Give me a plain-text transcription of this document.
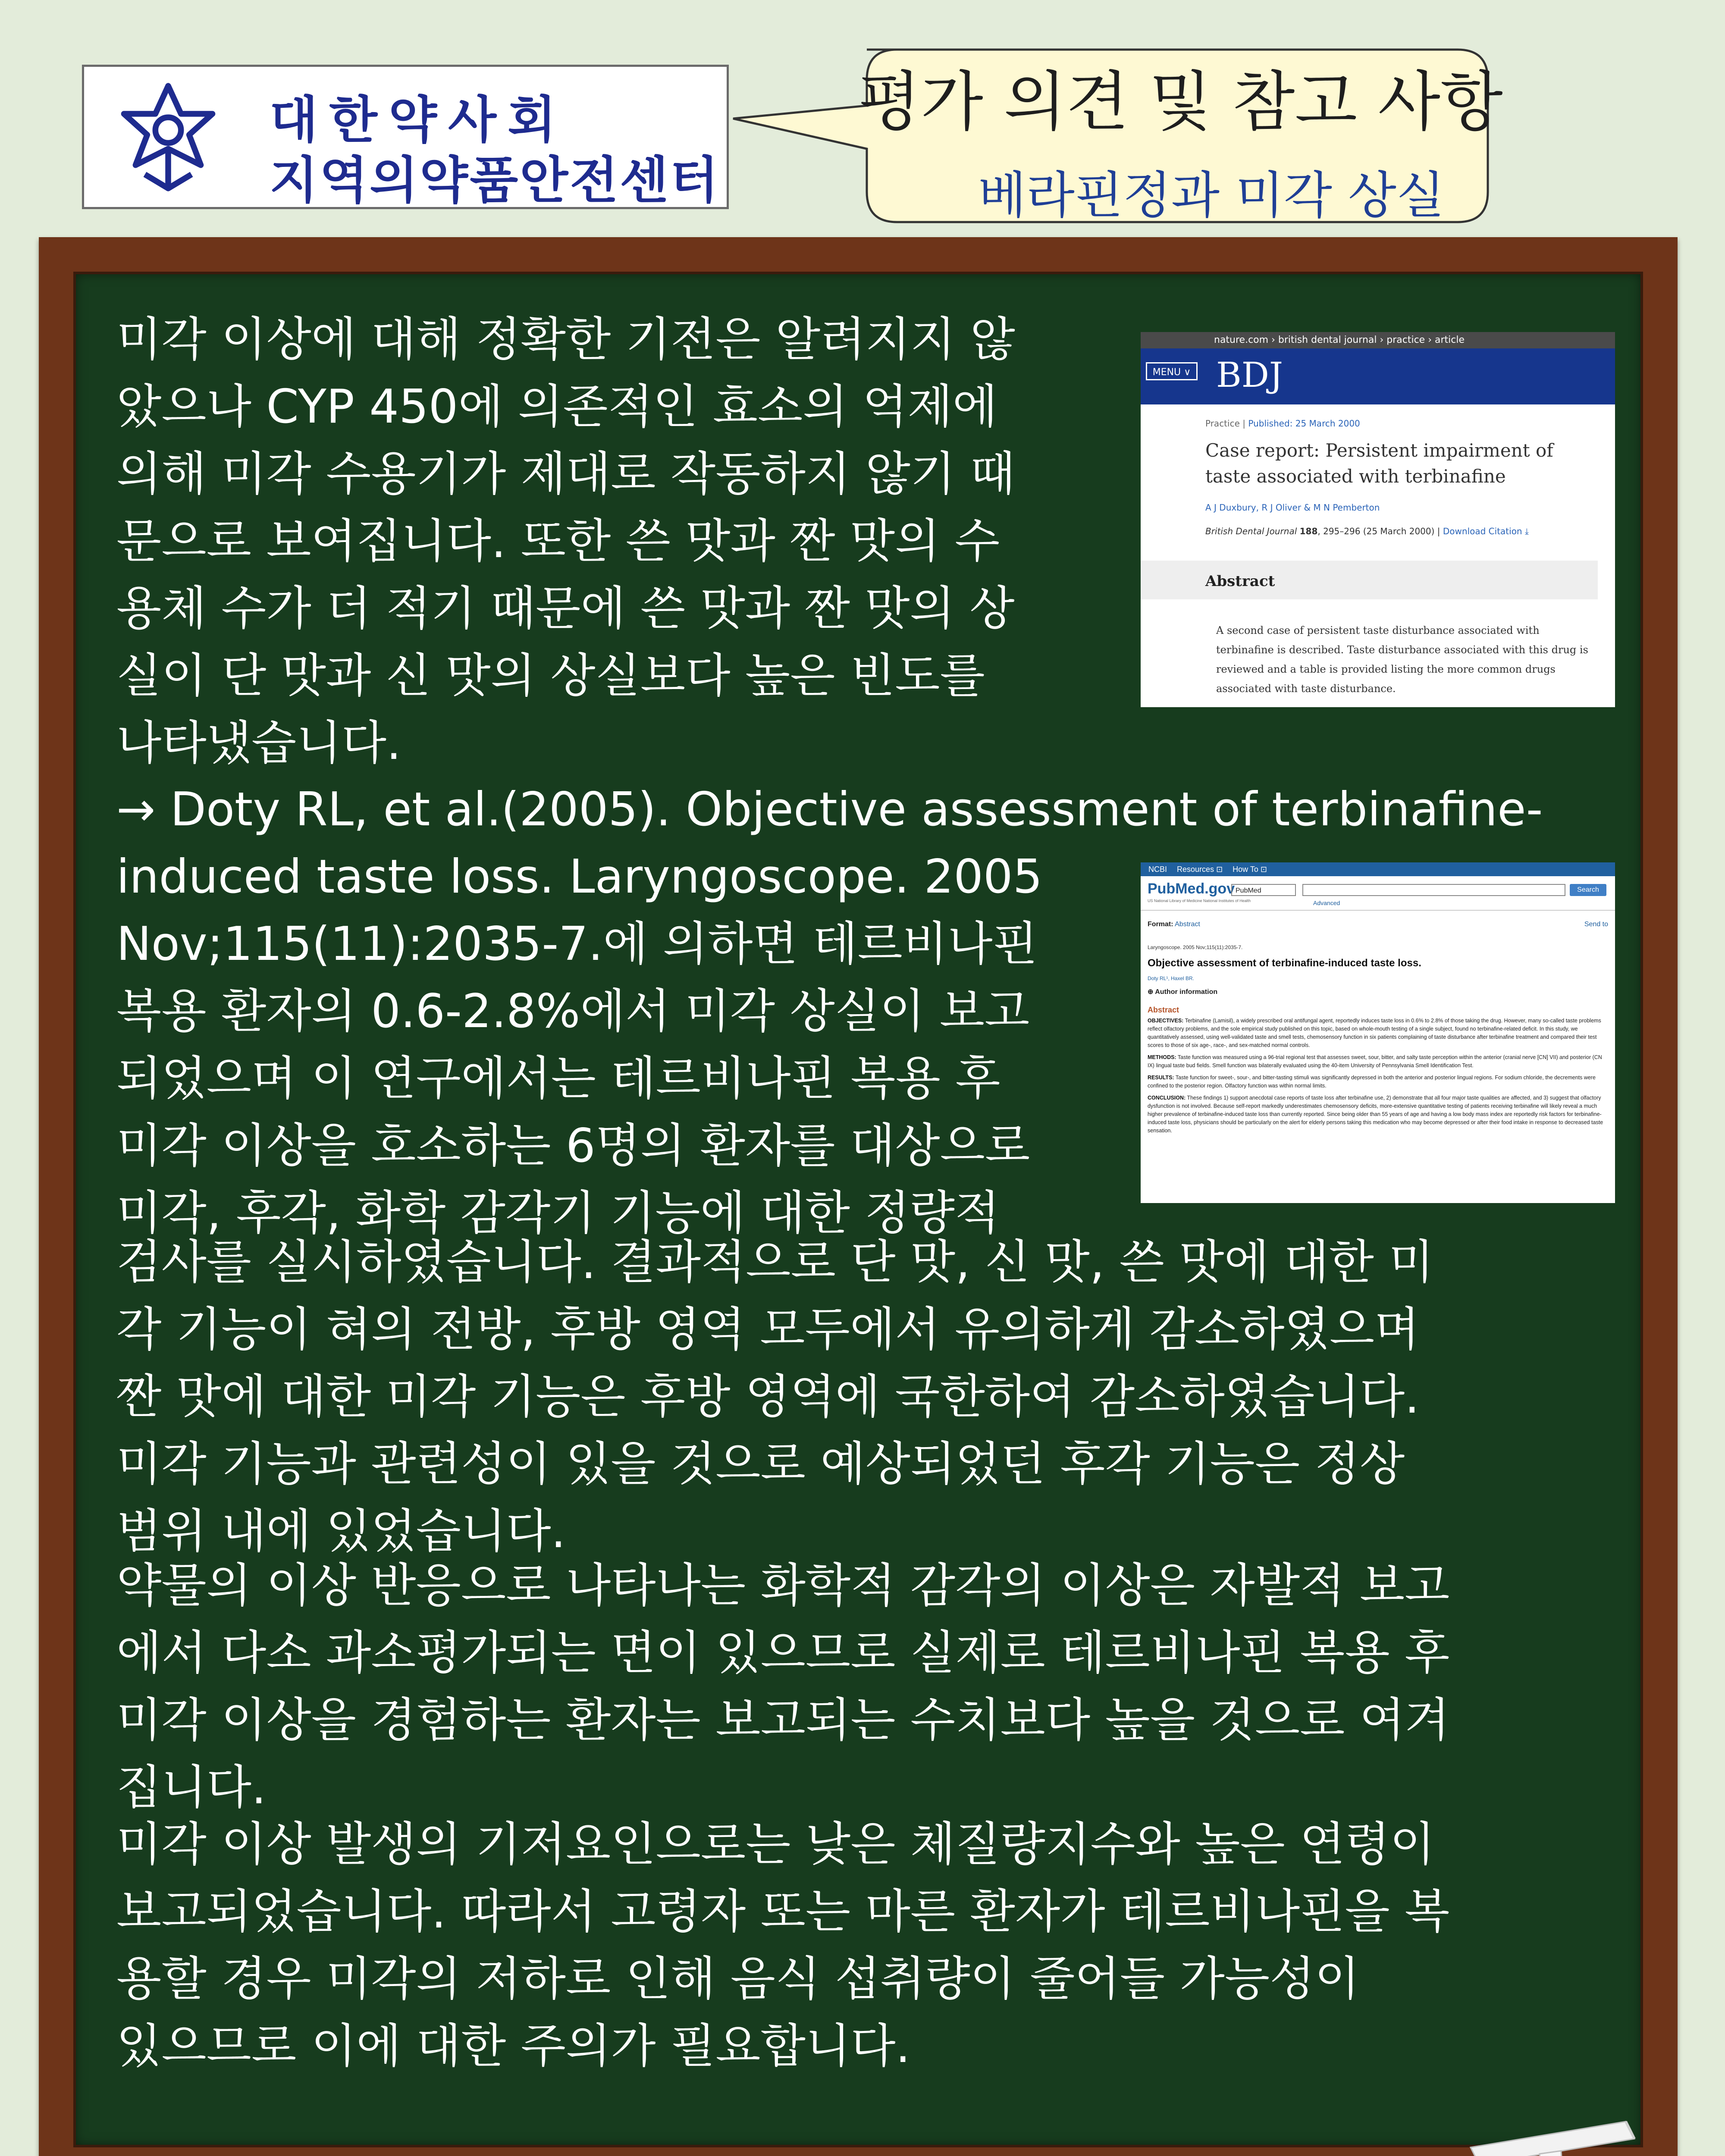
대한약사회
지역의약품안전센터
평가 의견 및 참고 사항
베라핀정과 미각 상실
미각 이상에 대해 정확한 기전은 알려지지 않
았으나 CYP 450에 의존적인 효소의 억제에
의해 미각 수용기가 제대로 작동하지 않기 때
문으로 보여집니다. 또한 쓴 맛과 짠 맛의 수
용체 수가 더 적기 때문에 쓴 맛과 짠 맛의 상
실이 단 맛과 신 맛의 상실보다 높은 빈도를
나타냈습니다.
→ Doty RL, et al.(2005). Objective assessment of terbinafine-
induced taste loss. Laryngoscope. 2005
Nov;115(11):2035-7.에 의하면 테르비나핀
복용 환자의 0.6-2.8%에서 미각 상실이 보고
되었으며 이 연구에서는 테르비나핀 복용 후
미각 이상을 호소하는 6명의 환자를 대상으로
미각, 후각, 화학 감각기 기능에 대한 정량적
검사를 실시하였습니다. 결과적으로 단 맛, 신 맛, 쓴 맛에 대한 미
각 기능이 혀의 전방, 후방 영역 모두에서 유의하게 감소하였으며
짠 맛에 대한 미각 기능은 후방 영역에 국한하여 감소하였습니다.
미각 기능과 관련성이 있을 것으로 예상되었던 후각 기능은 정상
범위 내에 있었습니다.
약물의 이상 반응으로 나타나는 화학적 감각의 이상은 자발적 보고
에서 다소 과소평가되는 면이 있으므로 실제로 테르비나핀 복용 후
미각 이상을 경험하는 환자는 보고되는 수치보다 높을 것으로 여겨
집니다.
미각 이상 발생의 기저요인으로는 낮은 체질량지수와 높은 연령이
보고되었습니다. 따라서 고령자 또는 마른 환자가 테르비나핀을 복
용할 경우 미각의 저하로 인해 음식 섭취량이 줄어들 가능성이
있으므로 이에 대한 주의가 필요합니다.
nature.com › british dental journal › practice › article
MENU ∨ BDJ
Practice | Published: 25 March 2000
Case report: Persistent impairment of taste associated with terbinafine
A J Duxbury, R J Oliver & M N Pemberton
British Dental Journal 188, 295–296 (25 March 2000) | Download Citation ⤓
Abstract
A second case of persistent taste disturbance associated with terbinafine is described. Taste disturbance associated with this drug is reviewed and a table is provided listing the more common drugs associated with taste disturbance.
NCBI Resources ⊡ How To ⊡
PubMed.gov
US National Library of Medicine National Institutes of Health
PubMed	Search
Advanced
Format: Abstract	Send to
Laryngoscope. 2005 Nov;115(11):2035-7.
Objective assessment of terbinafine-induced taste loss.
Doty RL¹, Haxel BR.
⊕ Author information
Abstract

OBJECTIVES: Terbinafine (Lamisil), a widely prescribed oral antifungal agent, reportedly induces taste loss in 0.6% to 2.8% of those taking the drug. However, many so-called taste problems reflect olfactory problems, and the sole empirical study published on this topic, based on whole-mouth testing of a single subject, found no terbinafine-related deficit. In this study, we quantitatively assessed, using well-validated taste and smell tests, chemosensory function in six patients complaining of taste disturbance after terbinafine treatment and compared their test scores to those of six age-, race-, and sex-matched normal controls.

METHODS: Taste function was measured using a 96-trial regional test that assesses sweet, sour, bitter, and salty taste perception within the anterior (cranial nerve [CN] VII) and posterior (CN IX) lingual taste bud fields. Smell function was bilaterally evaluated using the 40-item University of Pennsylvania Smell Identification Test.

RESULTS: Taste function for sweet-, sour-, and bitter-tasting stimuli was significantly depressed in both the anterior and posterior lingual regions. For sodium chloride, the decrements were confined to the posterior region. Olfactory function was within normal limits.

CONCLUSION: These findings 1) support anecdotal case reports of taste loss after terbinafine use, 2) demonstrate that all four major taste qualities are affected, and 3) suggest that olfactory dysfunction is not involved. Because self-report markedly underestimates chemosensory deficits, more-extensive quantitative testing of patients receiving terbinafine will likely reveal a much higher prevalence of terbinafine-induced taste loss than currently reported. Since being older than 55 years of age and having a low body mass index are reportedly risk factors for terbinafine-induced taste loss, physicians should be particularly on the alert for elderly persons taking this medication who may become depressed or after their food intake in response to decreased taste sensation.
